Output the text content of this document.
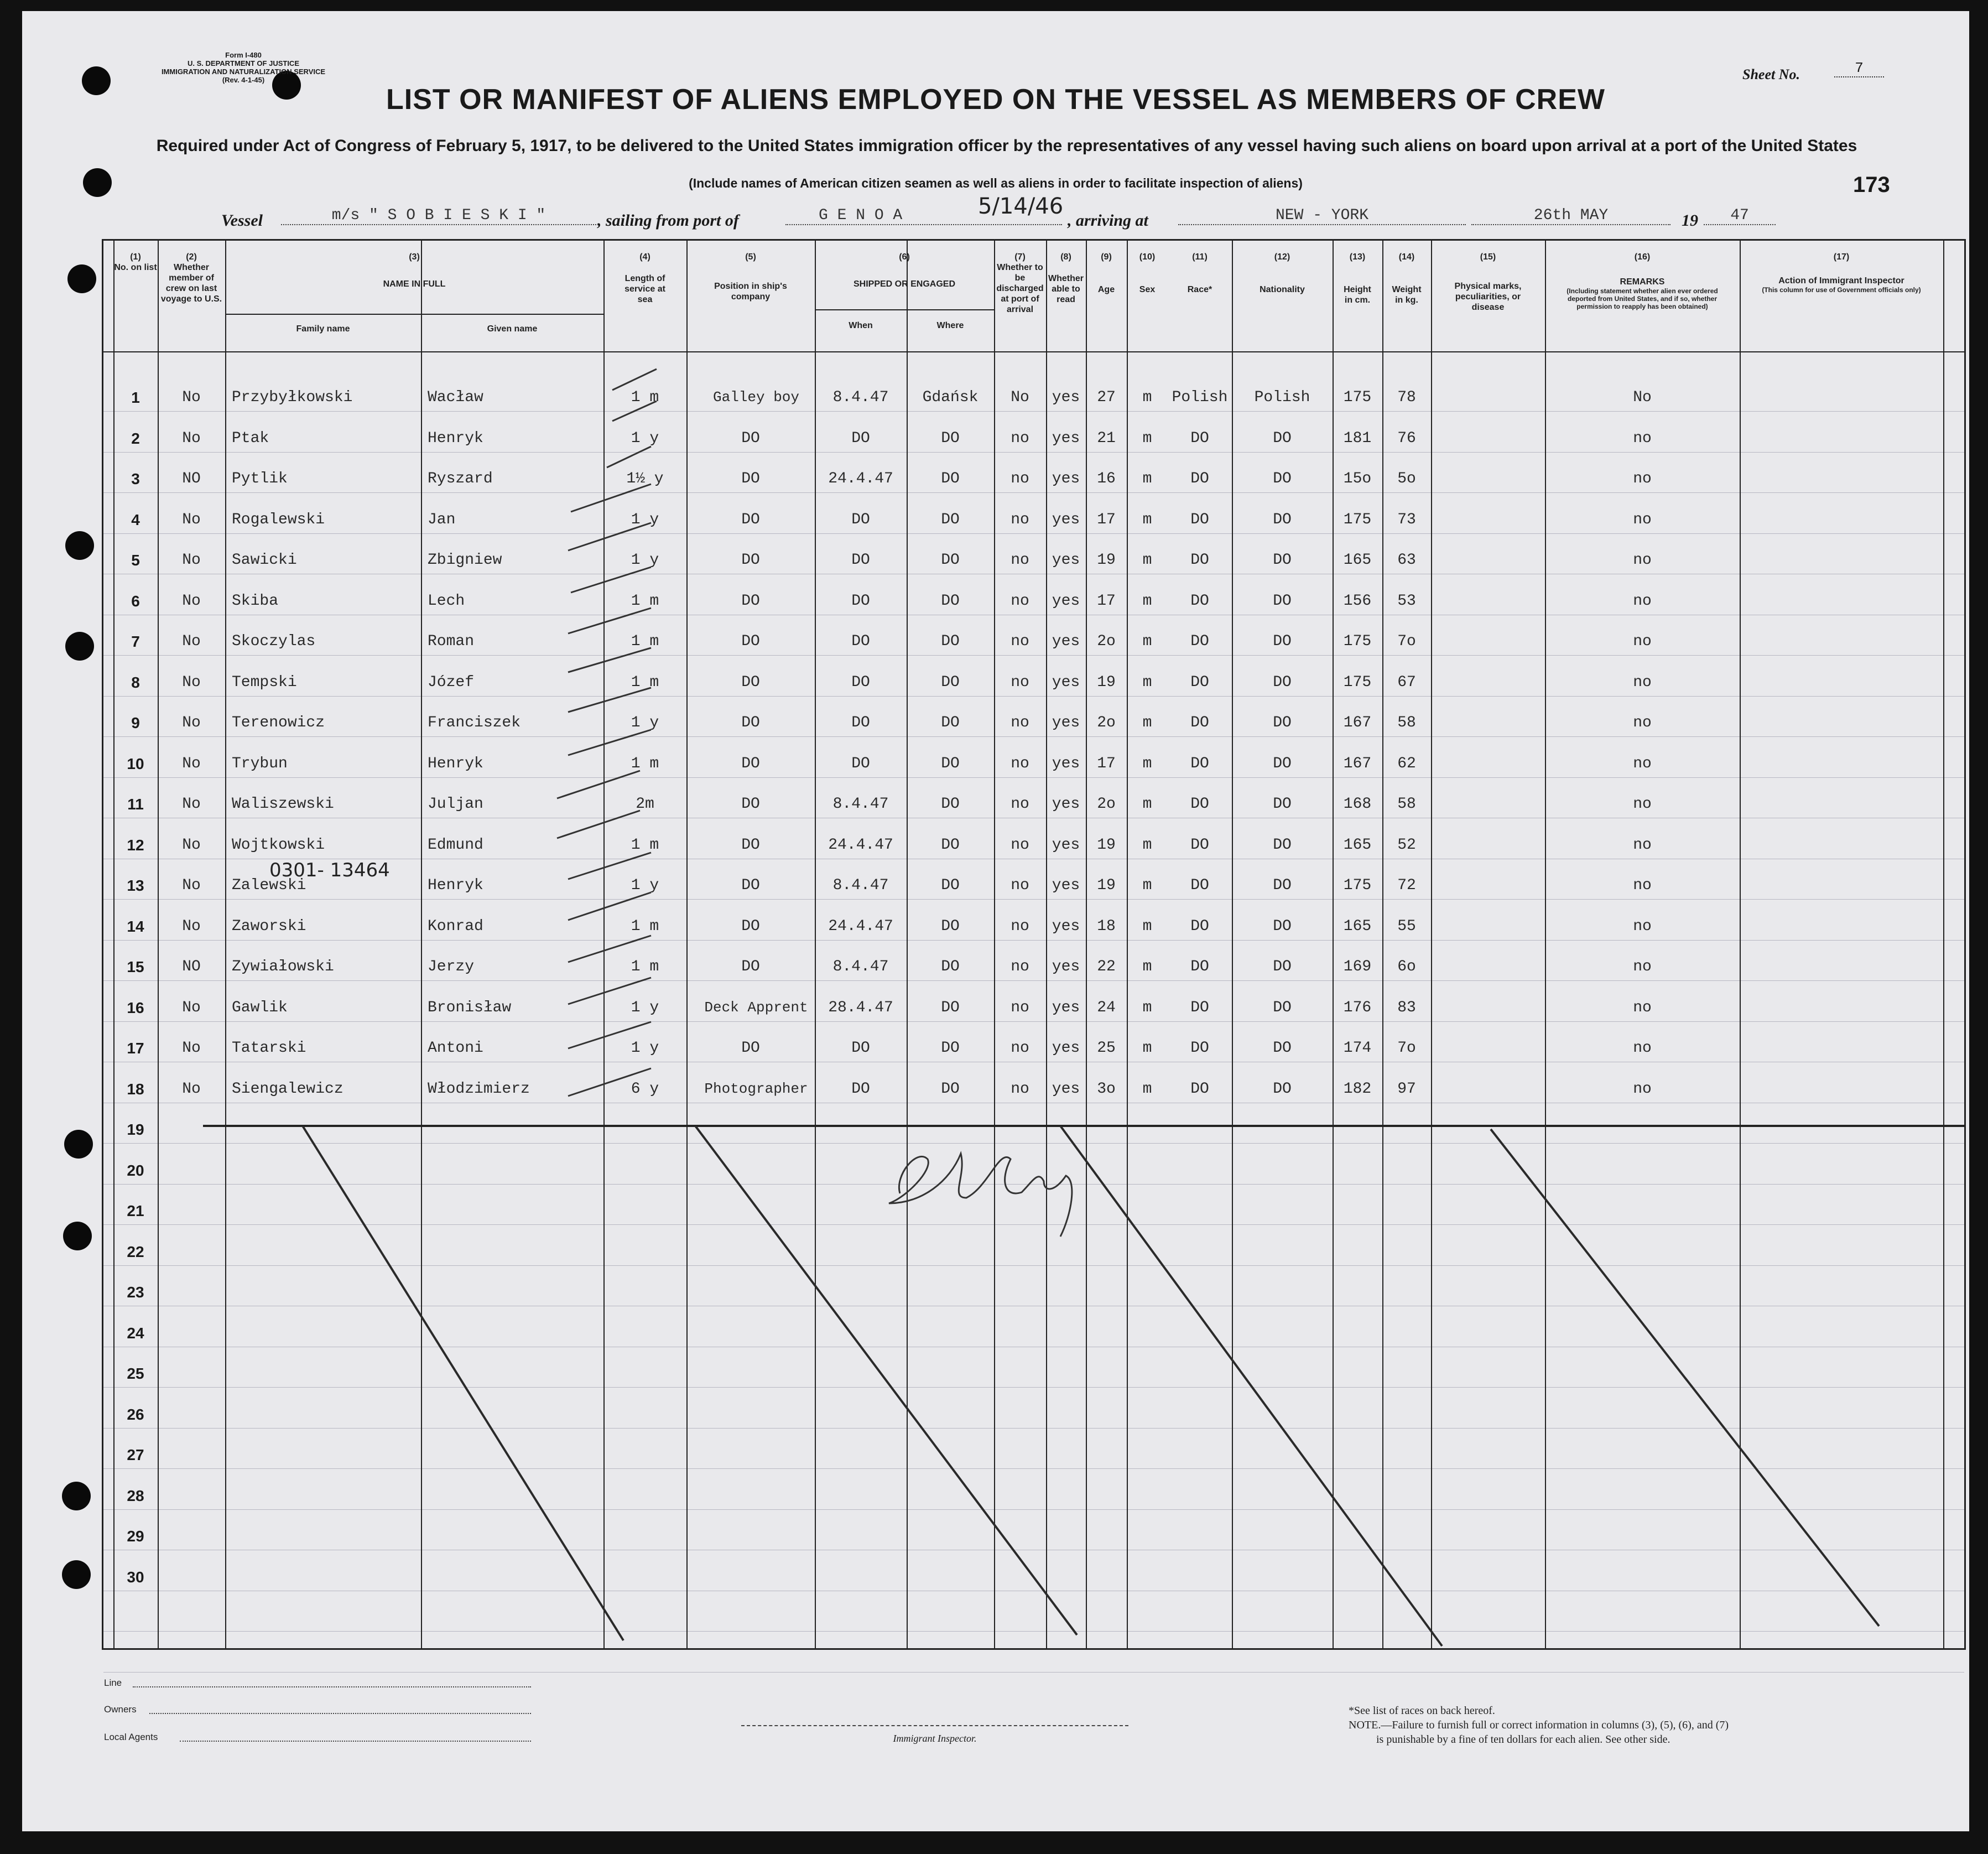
Form I-480
U. S. DEPARTMENT OF JUSTICE
IMMIGRATION AND NATURALIZATION SERVICE
(Rev. 4-1-45)	Sheet No.	7
LIST OR MANIFEST OF ALIENS EMPLOYED ON THE VESSEL AS MEMBERS OF CREW
Required under Act of Congress of February 5, 1917, to be delivered to the United States immigration officer by the representatives of any vessel having such aliens on board upon arrival at a port of the United States
(Include names of American citizen seamen as well as aliens in order to facilitate inspection of aliens)	173
Vessel	m/s " S O B I E S K I "	, sailing from port of	G E N O A	5/14/46
, arriving at	NEW - YORK	26th MAY	19	47
(1)
No. on list
(2)
Whether member of crew on last voyage to U.S.
(3)
NAME IN FULL
Family name	Given name
(4)
Length of service at sea
(5)
Position in ship's company
(6)
SHIPPED OR ENGAGED
When	Where
(7)
Whether to be discharged at port of arrival
(8)
Whether able to read
(9)
Age
(10)
Sex
(11)
Race*
(12)
Nationality
(13)
Height in cm.
(14)
Weight in kg.
(15)
Physical marks, peculiarities, or disease
(16)
REMARKS
(Including statement whether alien ever ordered deported from United States, and if so, whether permission to reapply has been obtained)
(17)
Action of Immigrant Inspector
(This column for use of Government officials only)
1	No	Przybyłkowski	Wacław	1 m	Galley boy	8.4.47	Gdańsk	No	yes	27	m	Polish	Polish	175	78	No
2	No	Ptak	Henryk	1 y	DO	DO	DO	no	yes	21	m	DO	DO	181	76	no
3	NO	Pytlik	Ryszard	1½ y	DO	24.4.47	DO	no	yes	16	m	DO	DO	15o	5o	no
4	No	Rogalewski	Jan	1 y	DO	DO	DO	no	yes	17	m	DO	DO	175	73	no
5	No	Sawicki	Zbigniew	1 y	DO	DO	DO	no	yes	19	m	DO	DO	165	63	no
6	No	Skiba	Lech	1 m	DO	DO	DO	no	yes	17	m	DO	DO	156	53	no
7	No	Skoczylas	Roman	1 m	DO	DO	DO	no	yes	2o	m	DO	DO	175	7o	no
8	No	Tempski	Józef	1 m	DO	DO	DO	no	yes	19	m	DO	DO	175	67	no
9	No	Terenowicz	Franciszek	1 y	DO	DO	DO	no	yes	2o	m	DO	DO	167	58	no
10	No	Trybun	Henryk	1 m	DO	DO	DO	no	yes	17	m	DO	DO	167	62	no
11	No	Waliszewski	Juljan	2m	DO	8.4.47	DO	no	yes	2o	m	DO	DO	168	58	no
12	No	Wojtkowski	Edmund	1 m	DO	24.4.47	DO	no	yes	19	m	DO	DO	165	52	no
13	No	Zalewski	Henryk	1 y	DO	8.4.47	DO	no	yes	19	m	DO	DO	175	72	no
14	No	Zaworski	Konrad	1 m	DO	24.4.47	DO	no	yes	18	m	DO	DO	165	55	no
15	NO	Zywiałowski	Jerzy	1 m	DO	8.4.47	DO	no	yes	22	m	DO	DO	169	6o	no
16	No	Gawlik	Bronisław	1 y	Deck Apprent	28.4.47	DO	no	yes	24	m	DO	DO	176	83	no
17	No	Tatarski	Antoni	1 y	DO	DO	DO	no	yes	25	m	DO	DO	174	7o	no
18	No	Siengalewicz	Włodzimierz	6 y	Photographer	DO	DO	no	yes	3o	m	DO	DO	182	97	no
19
20
21
22
23
24
25
26
27
28
29
30
0301- 13464
Line
Owners
Local Agents	Immigrant Inspector.
*See list of races on back hereof.
NOTE.—Failure to furnish full or correct information in columns (3), (5), (6), and (7)
is punishable by a fine of ten dollars for each alien. See other side.
